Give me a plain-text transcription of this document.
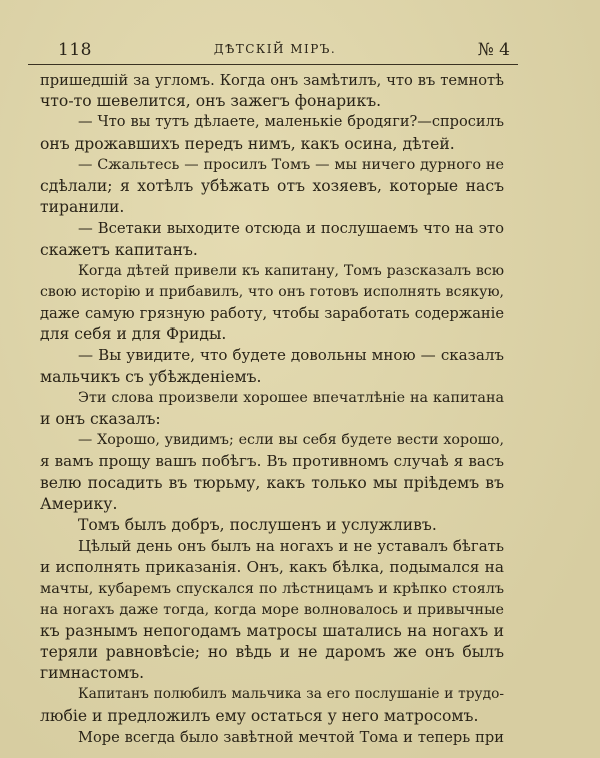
118	ДѢТСКІЙ МІРЪ.	№ 4
пришедшій за угломъ. Когда онъ замѣтилъ, что въ темнотѣ
что-то шевелится, онъ зажегъ фонарикъ.
— Что вы тутъ дѣлаете, маленькіе бродяги?—спросилъ
онъ дрожавшихъ передъ нимъ, какъ осина, дѣтей.
— Сжальтесь — просилъ Томъ — мы ничего дурного не
сдѣлали; я хотѣлъ убѣжать отъ хозяевъ, которые насъ
тиранили.
— Всетаки выходите отсюда и послушаемъ что на это
скажетъ капитанъ.
Когда дѣтей привели къ капитану, Томъ разсказалъ всю
свою исторію и прибавилъ, что онъ готовъ исполнять всякую,
даже самую грязную работу, чтобы заработать содержаніе
для себя и для Фриды.
— Вы увидите, что будете довольны мною — сказалъ
мальчикъ съ убѣжденіемъ.
Эти слова произвели хорошее впечатлѣніе на капитана
и онъ сказалъ:
— Хорошо, увидимъ; если вы себя будете вести хорошо,
я вамъ прощу вашъ побѣгъ. Въ противномъ случаѣ я васъ
велю посадить въ тюрьму, какъ только мы пріѣдемъ въ
Америку.
Томъ былъ добръ, послушенъ и услужливъ.
Цѣлый день онъ былъ на ногахъ и не уставалъ бѣгать
и исполнять приказанія. Онъ, какъ бѣлка, подымался на
мачты, кубаремъ спускался по лѣстницамъ и крѣпко стоялъ
на ногахъ даже тогда, когда море волновалось и привычные
къ разнымъ непогодамъ матросы шатались на ногахъ и
теряли равновѣсіе; но вѣдь и не даромъ же онъ былъ
гимнастомъ.
Капитанъ полюбилъ мальчика за его послушаніе и трудо-
любіе и предложилъ ему остаться у него матросомъ.
Море всегда было завѣтной мечтой Тома и теперь при
